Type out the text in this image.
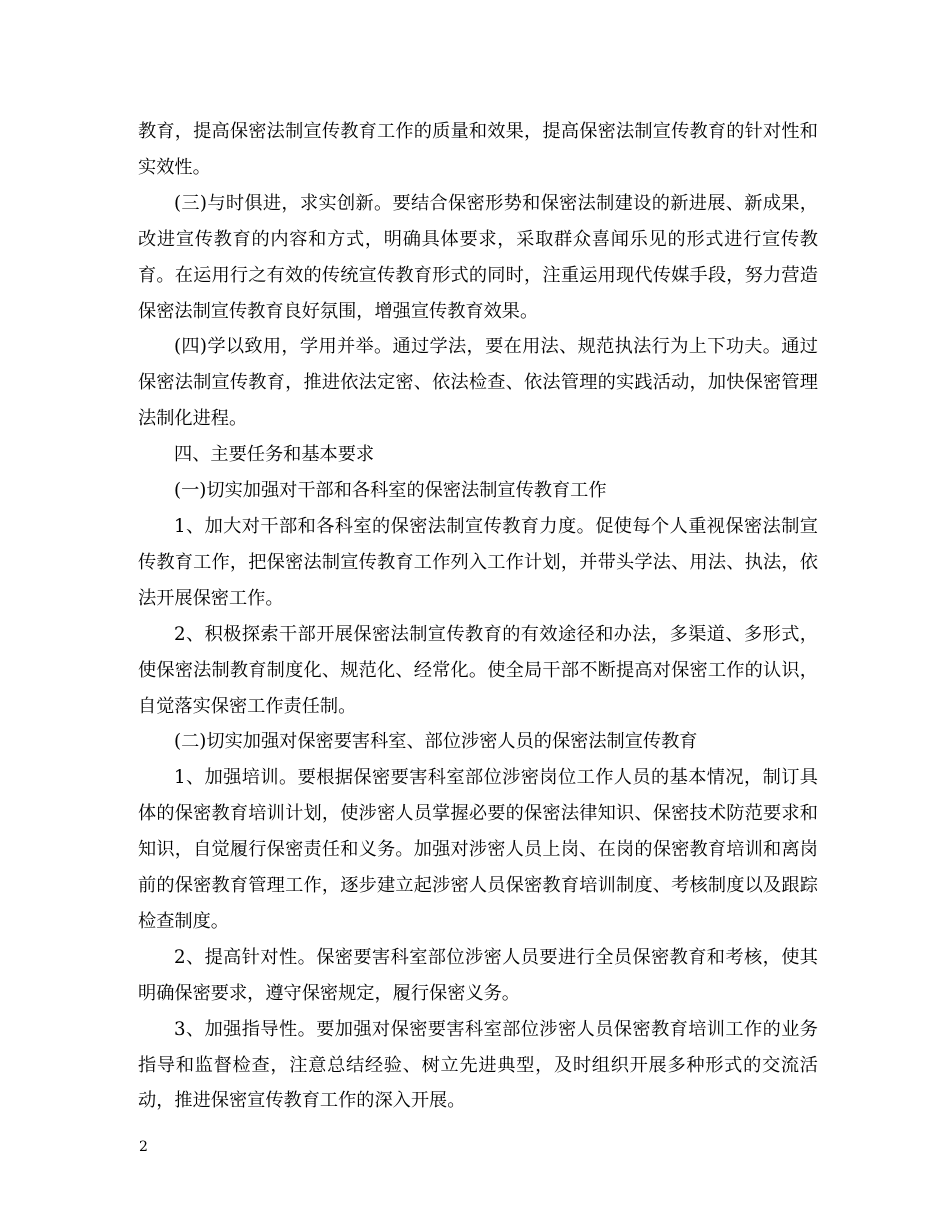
教育，提高保密法制宣传教育工作的质量和效果，提高保密法制宣传教育的针对性和实效性。

(三)与时俱进，求实创新。要结合保密形势和保密法制建设的新进展、新成果，改进宣传教育的内容和方式，明确具体要求，采取群众喜闻乐见的形式进行宣传教育。在运用行之有效的传统宣传教育形式的同时，注重运用现代传媒手段，努力营造保密法制宣传教育良好氛围，增强宣传教育效果。

(四)学以致用，学用并举。通过学法，要在用法、规范执法行为上下功夫。通过保密法制宣传教育，推进依法定密、依法检查、依法管理的实践活动，加快保密管理法制化进程。

四、主要任务和基本要求

(一)切实加强对干部和各科室的保密法制宣传教育工作

1、加大对干部和各科室的保密法制宣传教育力度。促使每个人重视保密法制宣传教育工作，把保密法制宣传教育工作列入工作计划，并带头学法、用法、执法，依法开展保密工作。

2、积极探索干部开展保密法制宣传教育的有效途径和办法，多渠道、多形式，使保密法制教育制度化、规范化、经常化。使全局干部不断提高对保密工作的认识，自觉落实保密工作责任制。

(二)切实加强对保密要害科室、部位涉密人员的保密法制宣传教育

1、加强培训。要根据保密要害科室部位涉密岗位工作人员的基本情况，制订具体的保密教育培训计划，使涉密人员掌握必要的保密法律知识、保密技术防范要求和知识，自觉履行保密责任和义务。加强对涉密人员上岗、在岗的保密教育培训和离岗前的保密教育管理工作，逐步建立起涉密人员保密教育培训制度、考核制度以及跟踪检查制度。

2、提高针对性。保密要害科室部位涉密人员要进行全员保密教育和考核，使其明确保密要求，遵守保密规定，履行保密义务。

3、加强指导性。要加强对保密要害科室部位涉密人员保密教育培训工作的业务指导和监督检查，注意总结经验、树立先进典型，及时组织开展多种形式的交流活动，推进保密宣传教育工作的深入开展。

2
